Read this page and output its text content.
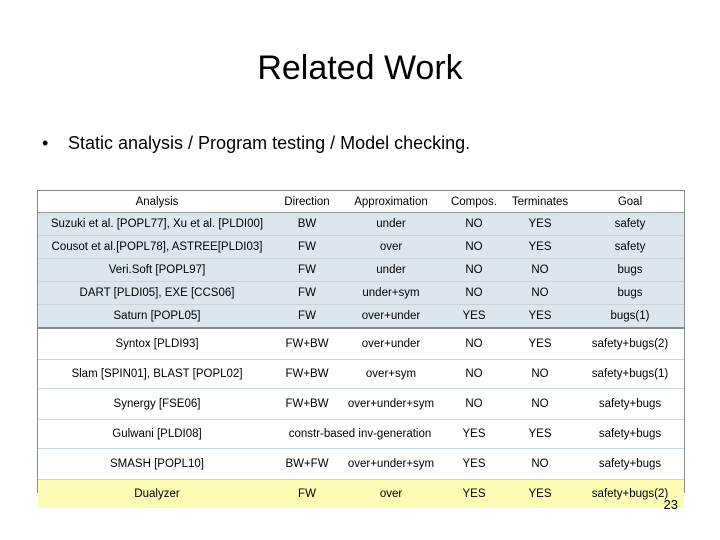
Related Work
• Static analysis / Program testing / Model checking.
Analysis	Direction	Approximation	Compos.	Terminates	Goal
Suzuki et al. [POPL77], Xu et al. [PLDI00]	BW	under	NO	YES	safety
Cousot et al.[POPL78], ASTREE[PLDI03]	FW	over	NO	YES	safety
Veri.Soft [POPL97]	FW	under	NO	NO	bugs
DART [PLDI05], EXE [CCS06]	FW	under+sym	NO	NO	bugs
Saturn [POPL05]	FW	over+under	YES	YES	bugs(1)
Syntox [PLDI93]	FW+BW	over+under	NO	YES	safety+bugs(2)
Slam [SPIN01], BLAST [POPL02]	FW+BW	over+sym	NO	NO	safety+bugs(1)
Synergy [FSE06]	FW+BW	over+under+sym	NO	NO	safety+bugs
Gulwani [PLDI08]	constr-based inv-generation		YES	YES	safety+bugs
SMASH [POPL10]	BW+FW	over+under+sym	YES	NO	safety+bugs
Dualyzer	FW	over	YES	YES	safety+bugs(2)
23
